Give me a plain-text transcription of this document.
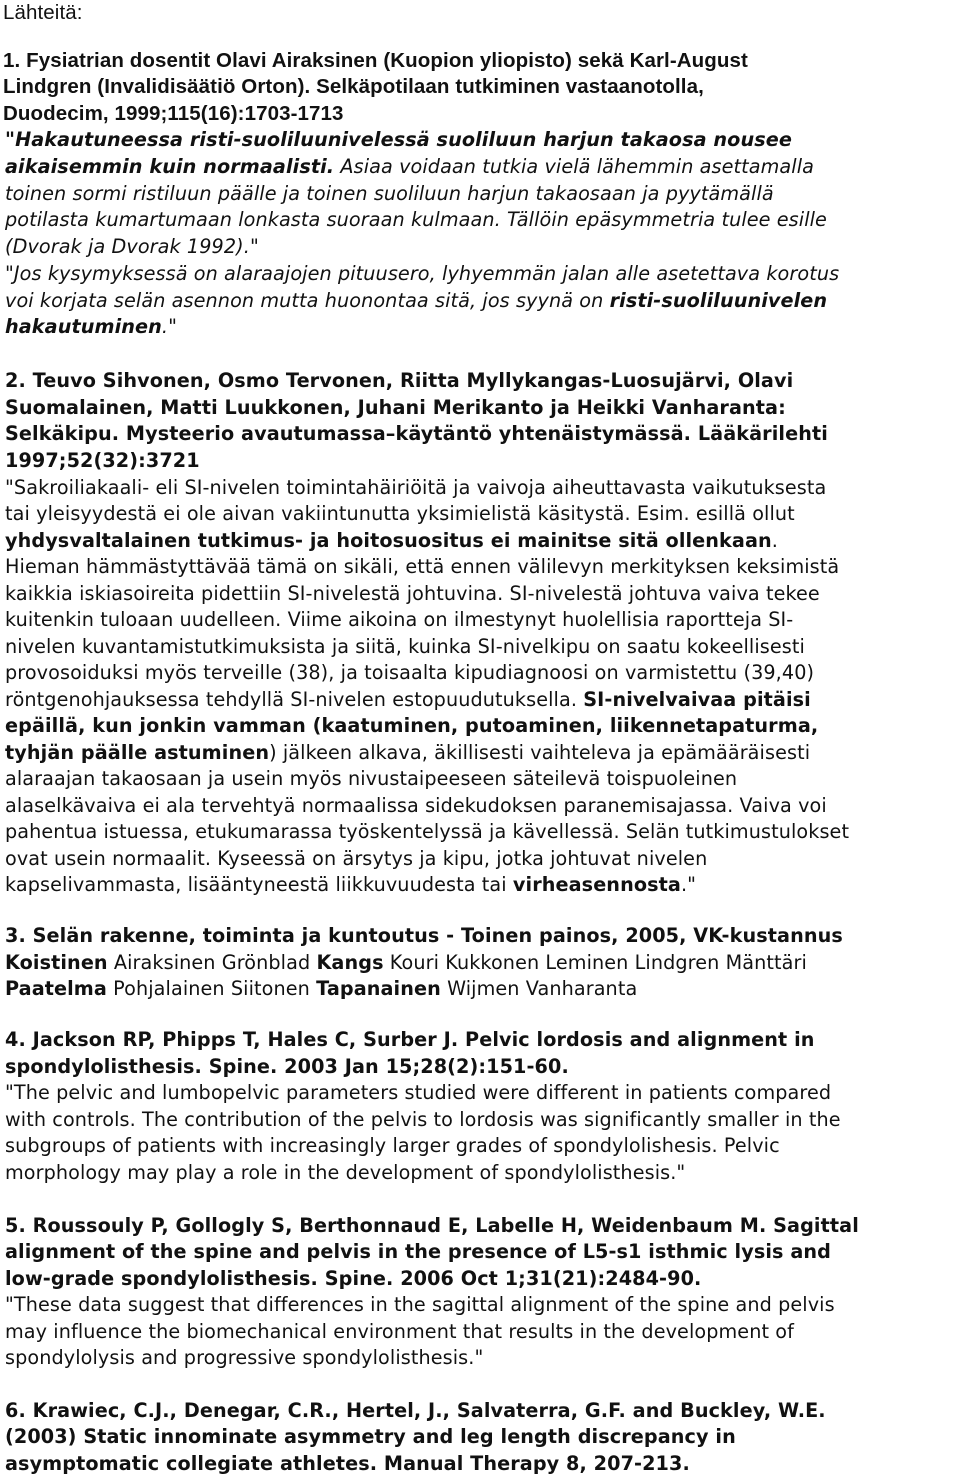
Lähteitä:
1. Fysiatrian dosentit Olavi Airaksinen (Kuopion yliopisto) sekä Karl-August
Lindgren (Invalidisäätiö Orton). Selkäpotilaan tutkiminen vastaanotolla,
Duodecim, 1999;115(16):1703-1713
"Hakautuneessa risti-suoliluunivelessä suoliluun harjun takaosa nousee
aikaisemmin kuin normaalisti. Asiaa voidaan tutkia vielä lähemmin asettamalla
toinen sormi ristiluun päälle ja toinen suoliluun harjun takaosaan ja pyytämällä
potilasta kumartumaan lonkasta suoraan kulmaan. Tällöin epäsymmetria tulee esille
(Dvorak ja Dvorak 1992)."
"Jos kysymyksessä on alaraajojen pituusero, lyhyemmän jalan alle asetettava korotus
voi korjata selän asennon mutta huonontaa sitä, jos syynä on risti-suoliluunivelen
hakautuminen."
2. Teuvo Sihvonen, Osmo Tervonen, Riitta Myllykangas-Luosujärvi, Olavi
Suomalainen, Matti Luukkonen, Juhani Merikanto ja Heikki Vanharanta:
Selkäkipu. Mysteerio avautumassa–käytäntö yhtenäistymässä. Lääkärilehti
1997;52(32):3721
"Sakroiliakaali- eli SI-nivelen toimintahäiriöitä ja vaivoja aiheuttavasta vaikutuksesta
tai yleisyydestä ei ole aivan vakiintunutta yksimielistä käsitystä. Esim. esillä ollut
yhdysvaltalainen tutkimus- ja hoitosuositus ei mainitse sitä ollenkaan.
Hieman hämmästyttävää tämä on sikäli, että ennen välilevyn merkityksen keksimistä
kaikkia iskiasoireita pidettiin SI-nivelestä johtuvina. SI-nivelestä johtuva vaiva tekee
kuitenkin tuloaan uudelleen. Viime aikoina on ilmestynyt huolellisia raportteja SI-
nivelen kuvantamistutkimuksista ja siitä, kuinka SI-nivelkipu on saatu kokeellisesti
provosoiduksi myös terveille (38), ja toisaalta kipudiagnoosi on varmistettu (39,40)
röntgenohjauksessa tehdyllä SI-nivelen estopuudutuksella. SI-nivelvaivaa pitäisi
epäillä, kun jonkin vamman (kaatuminen, putoaminen, liikennetapaturma,
tyhjän päälle astuminen) jälkeen alkava, äkillisesti vaihteleva ja epämääräisesti
alaraajan takaosaan ja usein myös nivustaipeeseen säteilevä toispuoleinen
alaselkävaiva ei ala tervehtyä normaalissa sidekudoksen paranemisajassa. Vaiva voi
pahentua istuessa, etukumarassa työskentelyssä ja kävellessä. Selän tutkimustulokset
ovat usein normaalit. Kyseessä on ärsytys ja kipu, jotka johtuvat nivelen
kapselivammasta, lisääntyneestä liikkuvuudesta tai virheasennosta."
3. Selän rakenne, toiminta ja kuntoutus - Toinen painos, 2005, VK-kustannus
Koistinen Airaksinen Grönblad Kangs Kouri Kukkonen Leminen Lindgren Mänttäri
Paatelma Pohjalainen Siitonen Tapanainen Wijmen Vanharanta
4. Jackson RP, Phipps T, Hales C, Surber J. Pelvic lordosis and alignment in
spondylolisthesis. Spine. 2003 Jan 15;28(2):151-60.
"The pelvic and lumbopelvic parameters studied were different in patients compared
with controls. The contribution of the pelvis to lordosis was significantly smaller in the
subgroups of patients with increasingly larger grades of spondylolishesis. Pelvic
morphology may play a role in the development of spondylolisthesis."
5. Roussouly P, Gollogly S, Berthonnaud E, Labelle H, Weidenbaum M. Sagittal
alignment of the spine and pelvis in the presence of L5-s1 isthmic lysis and
low-grade spondylolisthesis. Spine. 2006 Oct 1;31(21):2484-90.
"These data suggest that differences in the sagittal alignment of the spine and pelvis
may influence the biomechanical environment that results in the development of
spondylolysis and progressive spondylolisthesis."
6. Krawiec, C.J., Denegar, C.R., Hertel, J., Salvaterra, G.F. and Buckley, W.E.
(2003) Static innominate asymmetry and leg length discrepancy in
asymptomatic collegiate athletes. Manual Therapy 8, 207-213.
